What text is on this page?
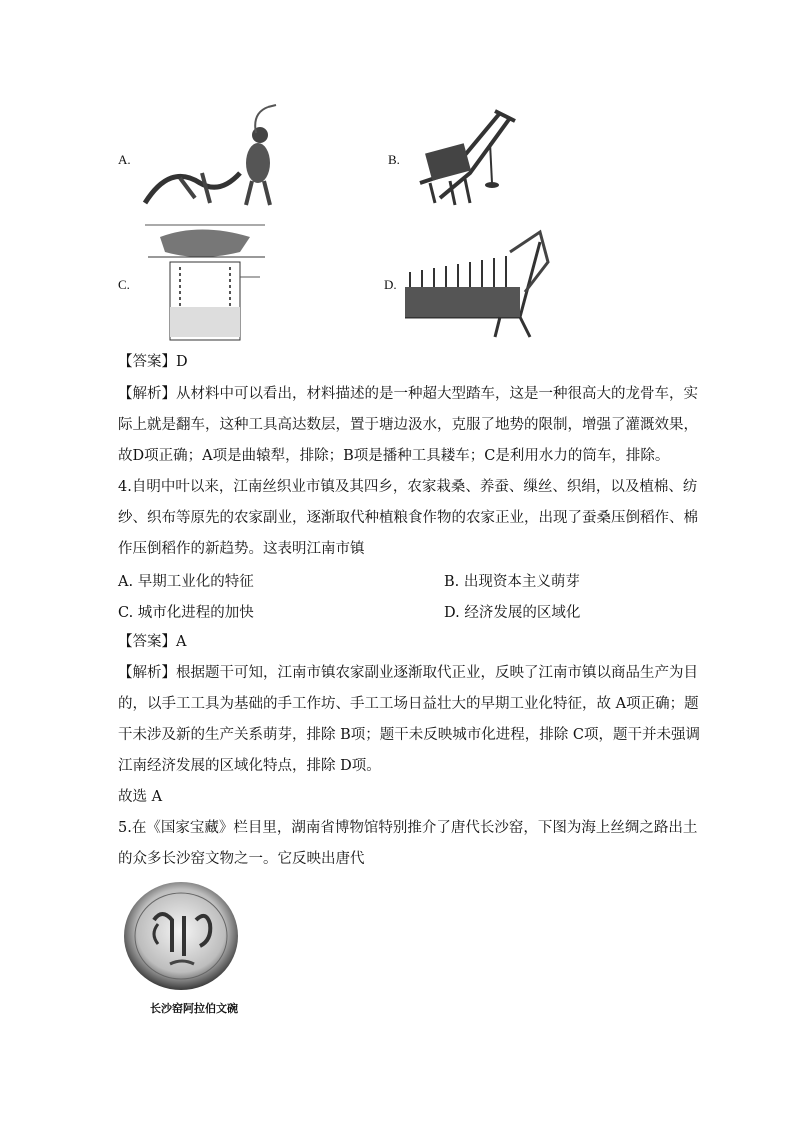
A.	B.
C.	D.
【答案】D
【解析】从材料中可以看出，材料描述的是一种超大型踏车，这是一种很高大的龙骨车，实
际上就是翻车，这种工具高达数层，置于塘边汲水，克服了地势的限制，增强了灌溉效果，
故D项正确；A项是曲辕犁，排除；B项是播种工具耧车；C是利用水力的筒车，排除。
4.自明中叶以来，江南丝织业市镇及其四乡，农家栽桑、养蚕、缫丝、织绢，以及植棉、纺
纱、织布等原先的农家副业，逐渐取代种植粮食作物的农家正业，出现了蚕桑压倒稻作、棉
作压倒稻作的新趋势。这表明江南市镇
A. 早期工业化的特征	B. 出现资本主义萌芽
C. 城市化进程的加快	D. 经济发展的区域化
【答案】A
【解析】根据题干可知，江南市镇农家副业逐渐取代正业，反映了江南市镇以商品生产为目
的，以手工工具为基础的手工作坊、手工工场日益壮大的早期工业化特征，故 A项正确；题
干未涉及新的生产关系萌芽，排除 B项；题干未反映城市化进程，排除 C项，题干并未强调
江南经济发展的区域化特点，排除 D项。
故选 A
5.在《国家宝藏》栏目里，湖南省博物馆特别推介了唐代长沙窑，下图为海上丝绸之路出土
的众多长沙窑文物之一。它反映出唐代
长沙窑阿拉伯文碗
